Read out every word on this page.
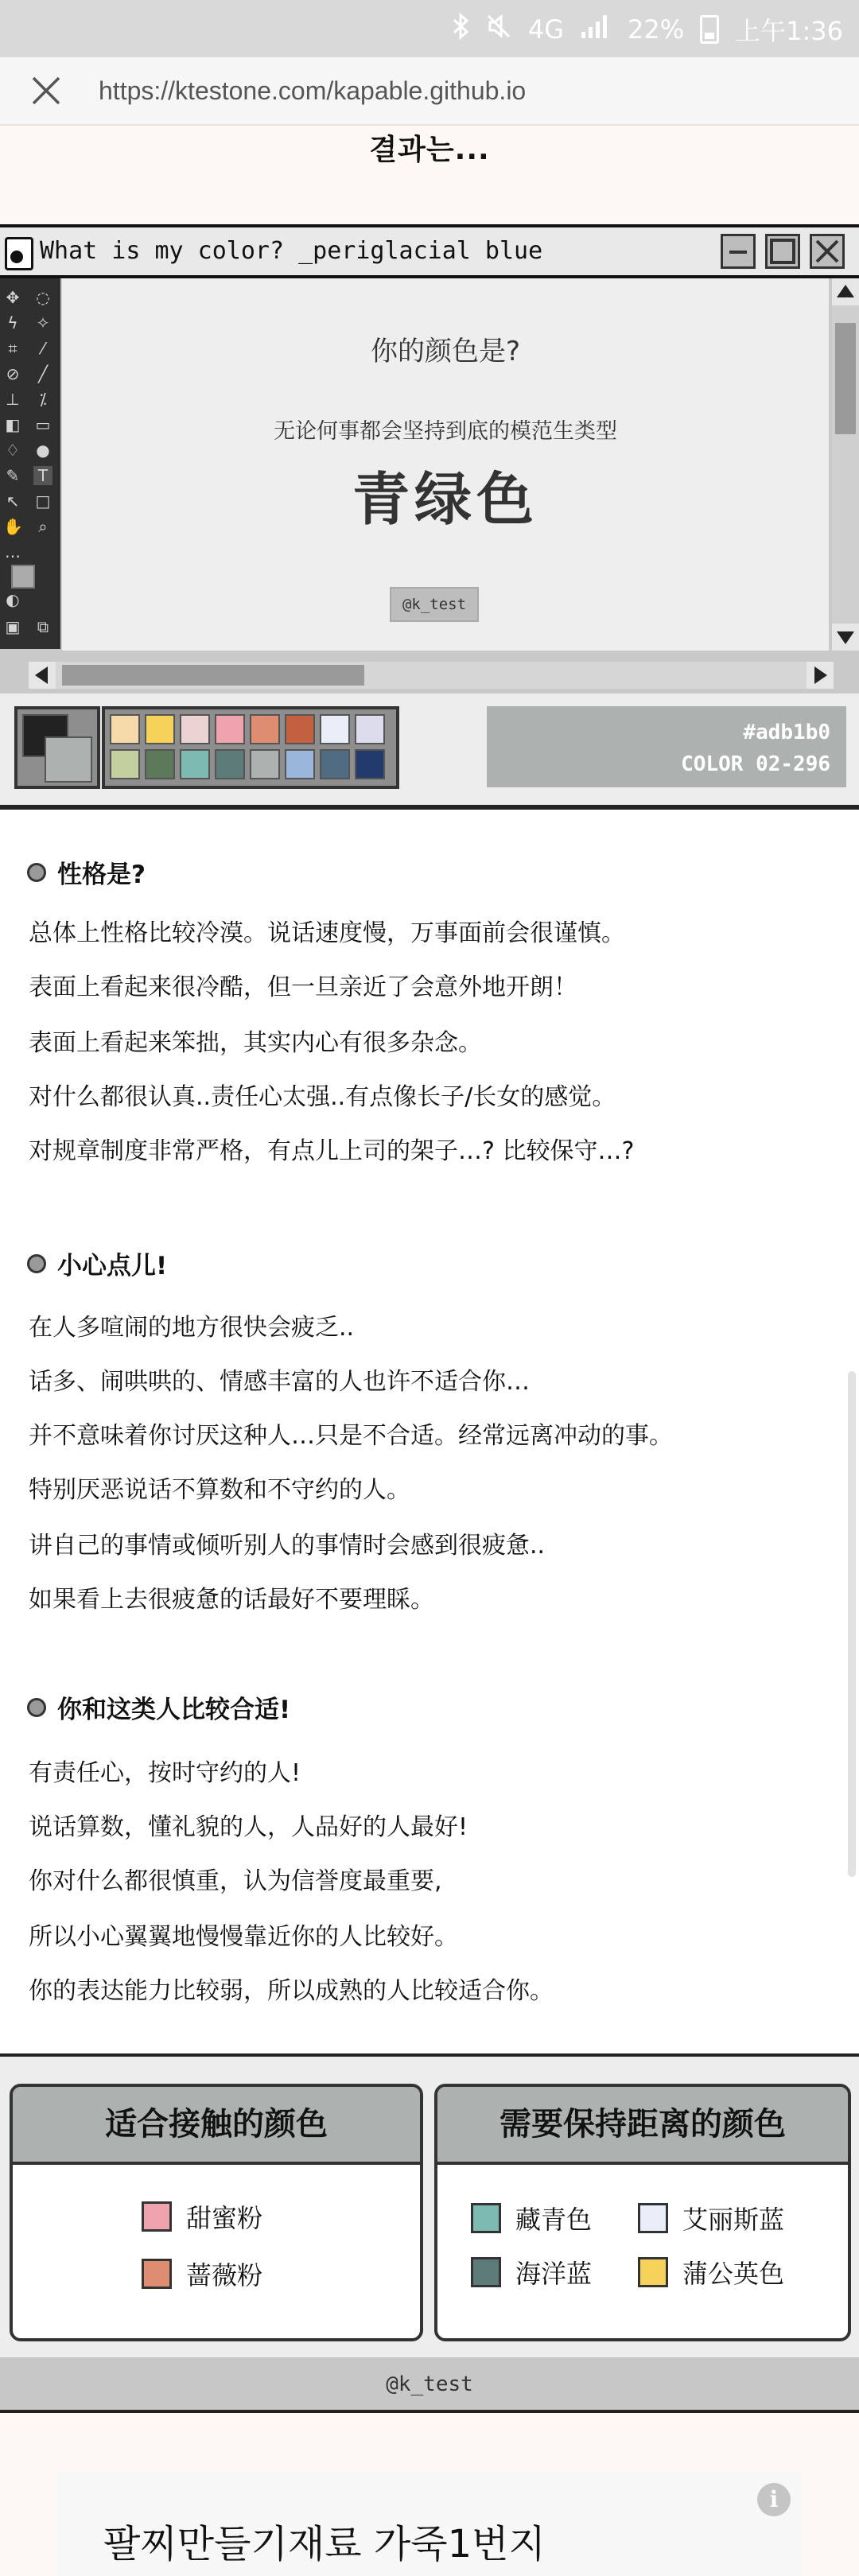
4G	22% 上午1:36
https://ktestone.com/kapable.github.io
결과는...
What is my color? _periglacial blue
✥ ◌
ϟ ✧
⌗	⁄
⊘ ╱
⊥	⁒
◧ ▭
♢ ●
✎ T
↖ □
✋ ⌕
…
◐
▣ ⧉
你的颜色是?
无论何事都会坚持到底的模范生类型
青绿色
@k_test
#adb1b0
COLOR 02-296
性格是?
总体上性格比较冷漠。说话速度慢，万事面前会很谨慎。
表面上看起来很冷酷，但一旦亲近了会意外地开朗！
表面上看起来笨拙，其实内心有很多杂念。
对什么都很认真..责任心太强..有点像长子/长女的感觉。
对规章制度非常严格，有点儿上司的架子…? 比较保守…?
小心点儿!
在人多喧闹的地方很快会疲乏..
话多、闹哄哄的、情感丰富的人也许不适合你…
并不意味着你讨厌这种人…只是不合适。经常远离冲动的事。
特别厌恶说话不算数和不守约的人。
讲自己的事情或倾听别人的事情时会感到很疲惫..
如果看上去很疲惫的话最好不要理睬。
你和这类人比较合适!
有责任心，按时守约的人!
说话算数，懂礼貌的人，人品好的人最好!
你对什么都很慎重，认为信誉度最重要,
所以小心翼翼地慢慢靠近你的人比较好。
你的表达能力比较弱，所以成熟的人比较适合你。
适合接触的颜色
甜蜜粉
蔷薇粉
需要保持距离的颜色
藏青色	艾丽斯蓝
海洋蓝	蒲公英色
@k_test
i
팔찌만들기재료 가죽1번지
